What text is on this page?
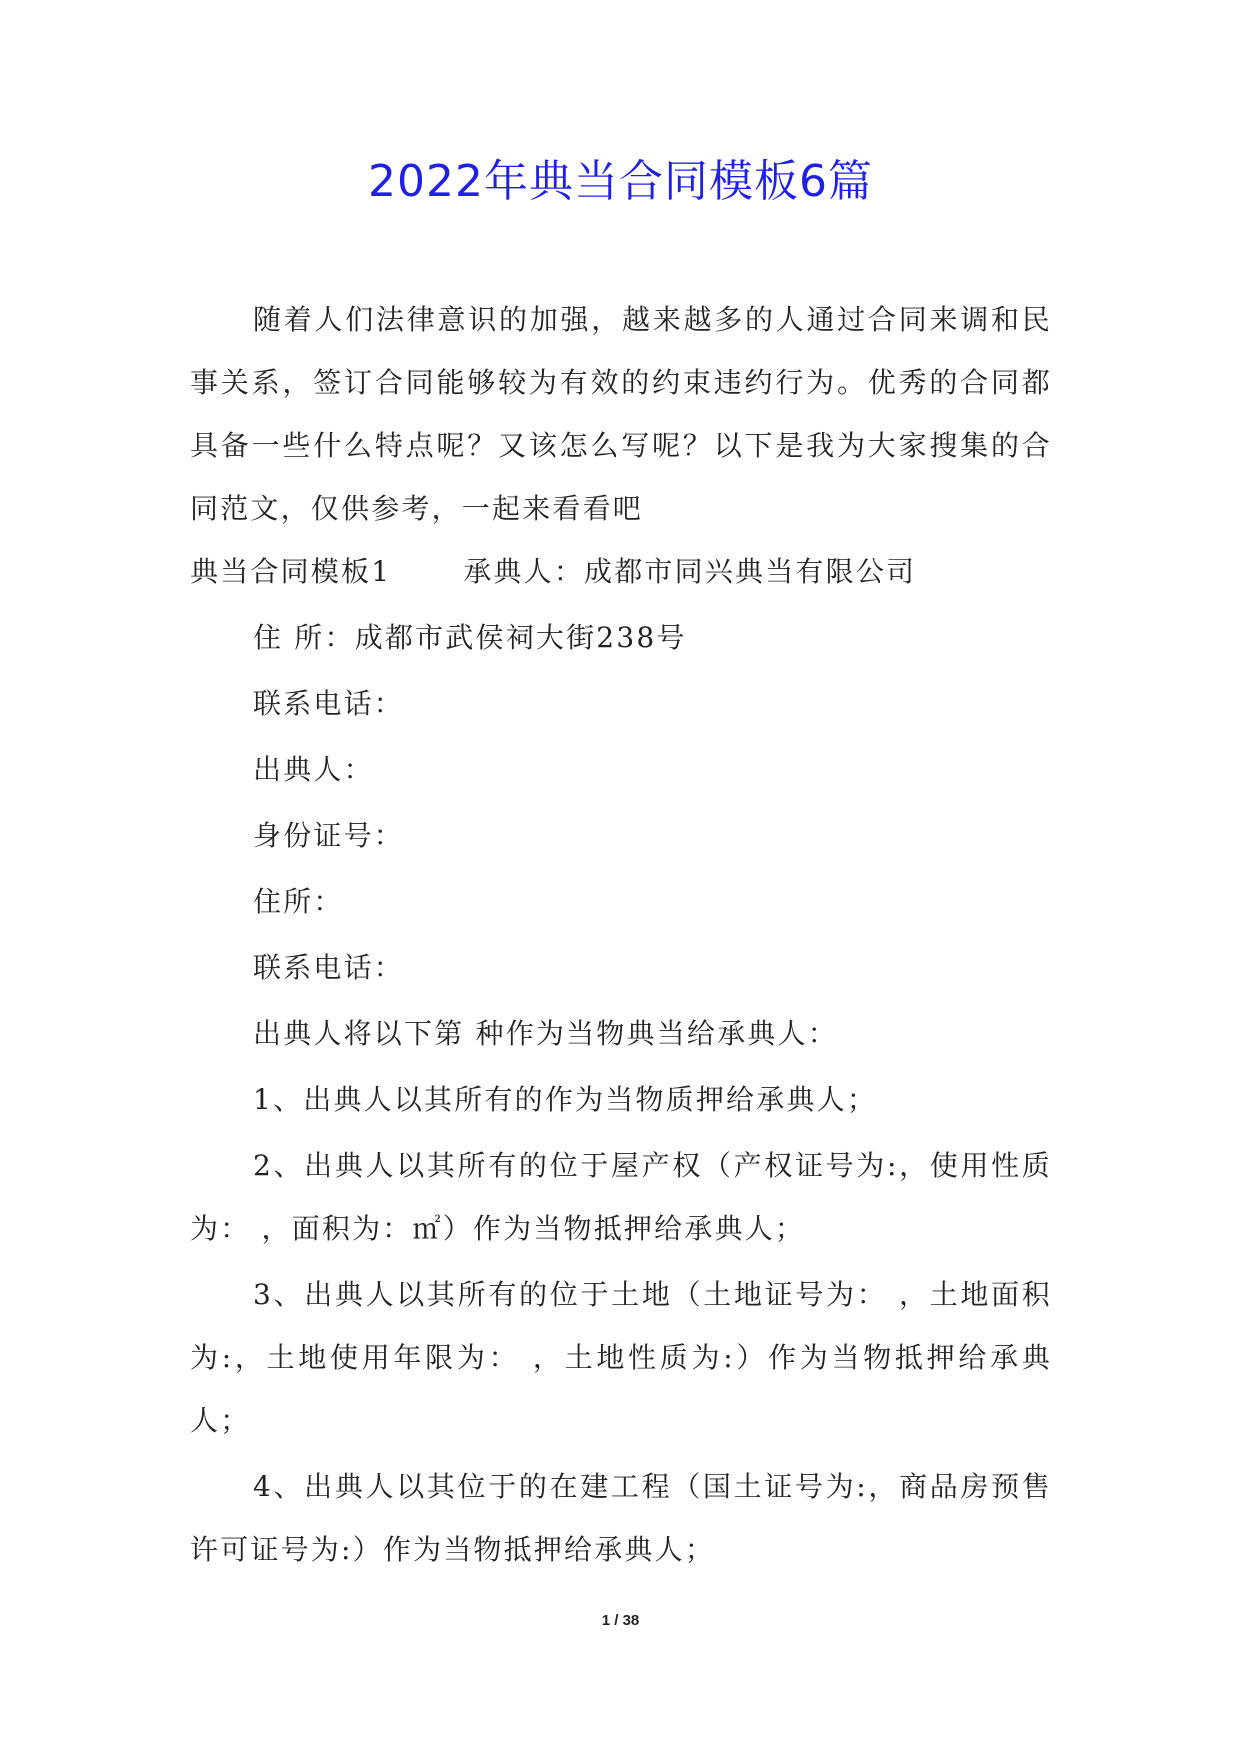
2022年典当合同模板6篇

随着人们法律意识的加强，越来越多的人通过合同来调和民事关系，签订合同能够较为有效的约束违约行为。优秀的合同都具备一些什么特点呢？又该怎么写呢？以下是我为大家搜集的合同范文，仅供参考，一起来看看吧

典当合同模板1	承典人：成都市同兴典当有限公司

住 所：成都市武侯祠大街238号

联系电话：

出典人：

身份证号：

住所：

联系电话：

出典人将以下第 种作为当物典当给承典人：

1、出典人以其所有的作为当物质押给承典人；

2、出典人以其所有的位于屋产权（产权证号为:，使用性质为： ，面积为：㎡）作为当物抵押给承典人；

3、出典人以其所有的位于土地（土地证号为： ，土地面积为:，土地使用年限为： ，土地性质为:）作为当物抵押给承典人；

4、出典人以其位于的在建工程（国土证号为:，商品房预售许可证号为:）作为当物抵押给承典人；

1 / 38
